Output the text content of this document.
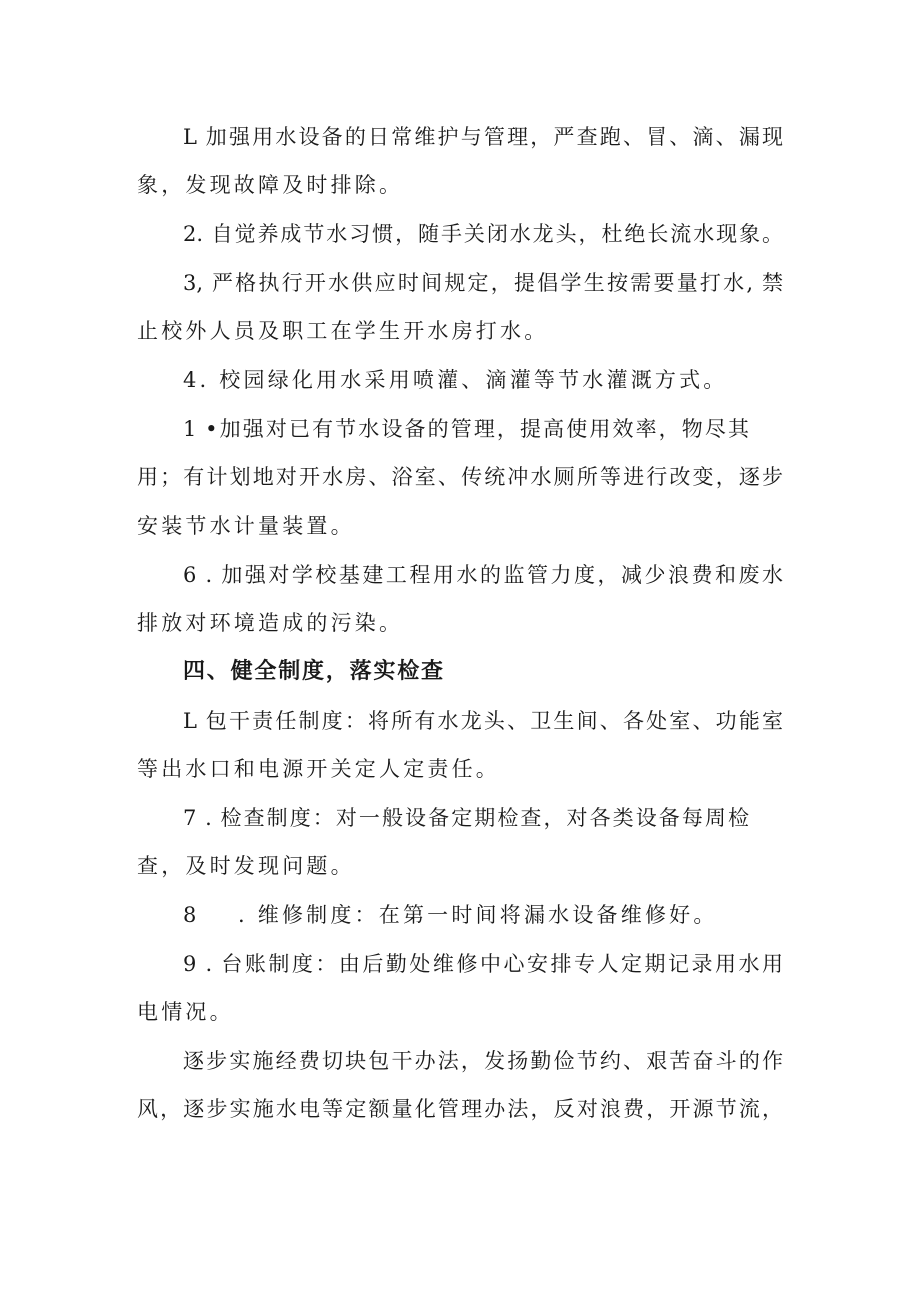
L 加强用水设备的日常维护与管理，严查跑、冒、滴、漏现
象，发现故障及时排除。
2. 自觉养成节水习惯，随手关闭水龙头，杜绝长流水现象。
3, 严格执行开水供应时间规定，提倡学生按需要量打水, 禁
止校外人员及职工在学生开水房打水。
4. 校园绿化用水采用喷灌、滴灌等节水灌溉方式。
1 •加强对已有节水设备的管理，提高使用效率，物尽其
用；有计划地对开水房、浴室、传统冲水厕所等进行改变，逐步
安装节水计量装置。
6 . 加强对学校基建工程用水的监管力度，减少浪费和废水
排放对环境造成的污染。
四、健全制度，落实检查
L 包干责任制度：将所有水龙头、卫生间、各处室、功能室
等出水口和电源开关定人定责任。
7 . 检查制度：对一般设备定期检查，对各类设备每周检
查，及时发现问题。
8 . 维修制度：在第一时间将漏水设备维修好。
9 . 台账制度：由后勤处维修中心安排专人定期记录用水用
电情况。
逐步实施经费切块包干办法，发扬勤俭节约、艰苦奋斗的作
风，逐步实施水电等定额量化管理办法，反对浪费，开源节流，
